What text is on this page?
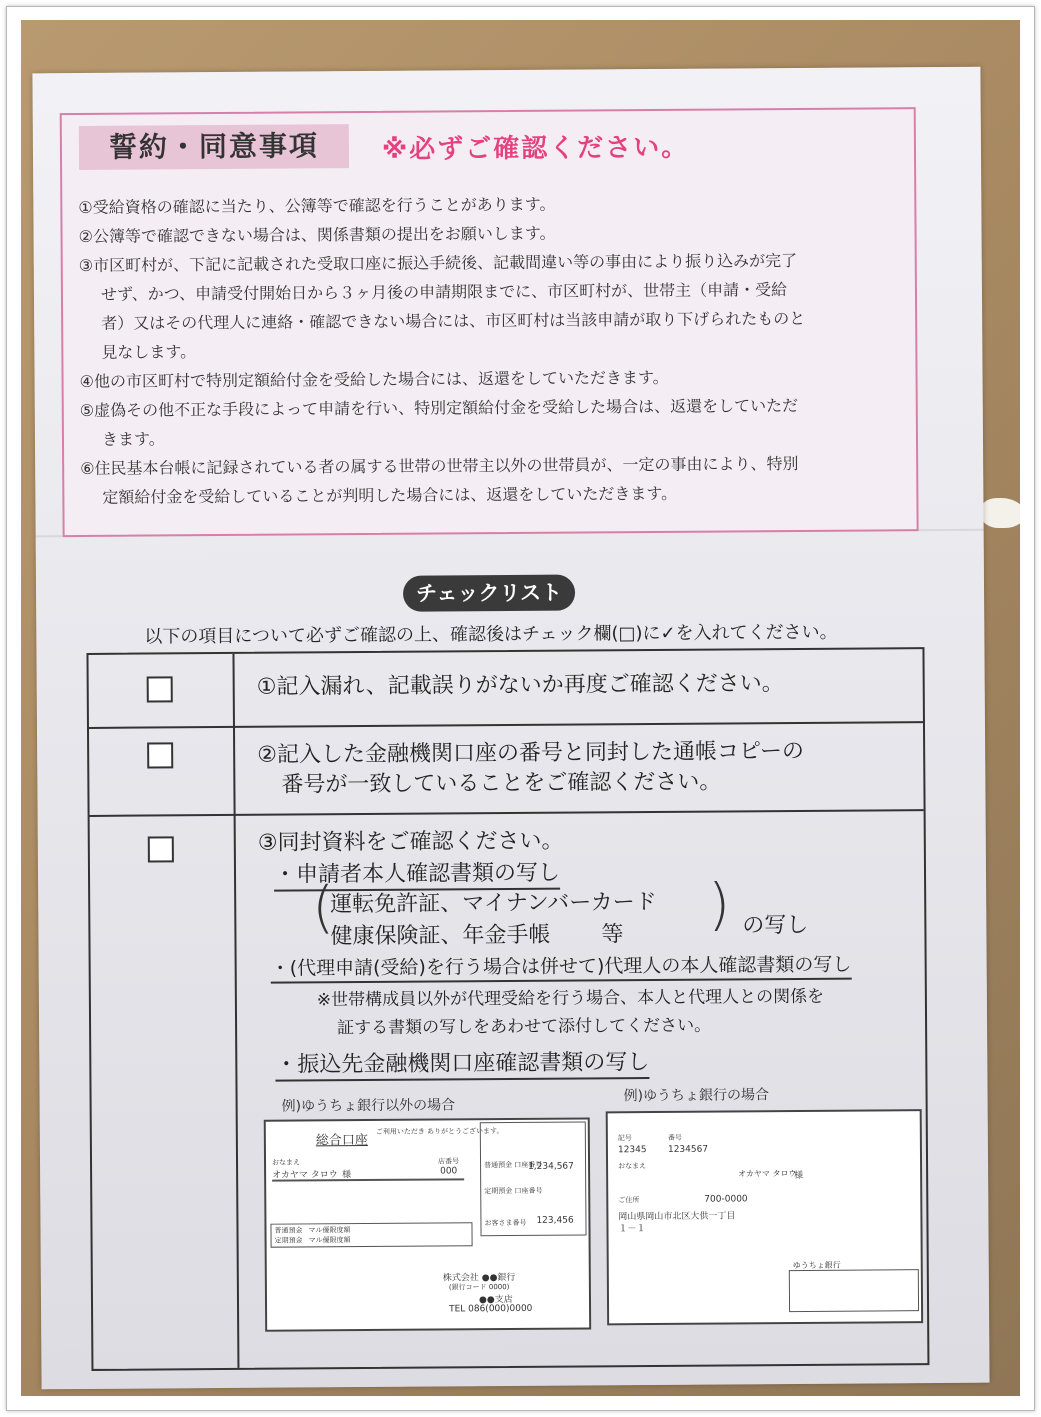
誓約・同意事項	※必ずご確認ください。
①受給資格の確認に当たり、公簿等で確認を行うことがあります。
②公簿等で確認できない場合は、関係書類の提出をお願いします。
③市区町村が、下記に記載された受取口座に振込手続後、記載間違い等の事由により振り込みが完了
せず、かつ、申請受付開始日から３ヶ月後の申請期限までに、市区町村が、世帯主（申請・受給
者）又はその代理人に連絡・確認できない場合には、市区町村は当該申請が取り下げられたものと
見なします。
④他の市区町村で特別定額給付金を受給した場合には、返還をしていただきます。
⑤虚偽その他不正な手段によって申請を行い、特別定額給付金を受給した場合は、返還をしていただ
きます。
⑥住民基本台帳に記録されている者の属する世帯の世帯主以外の世帯員が、一定の事由により、特別
定額給付金を受給していることが判明した場合には、返還をしていただきます。
チェックリスト
以下の項目について必ずご確認の上、確認後はチェック欄(□)に✓を入れてください。
①記入漏れ、記載誤りがないか再度ご確認ください。
②記入した金融機関口座の番号と同封した通帳コピーの
番号が一致していることをご確認ください。
③同封資料をご確認ください。
・申請者本人確認書類の写し
(
運転免許証、マイナンバーカード
健康保険証、年金手帳　　 等 ) の写し
・(代理申請(受給)を行う場合は併せて)代理人の本人確認書類の写し
※世帯構成員以外が代理受給を行う場合、本人と代理人との関係を
証する書類の写しをあわせて添付してください。
・振込先金融機関口座確認書類の写し
例)ゆうちょ銀行以外の場合
例)ゆうちょ銀行の場合
総合口座
ご利用いただき ありがとうございます。
おなまえ
オカヤマ タロウ 様
店番号
000
普通預金 口座番号
1,234,567
定期預金 口座番号
お客さま番号 123,456
普通預金 マル優限度額
定期預金 マル優限度額
株式会社 ●●銀行
(銀行コード 0000)
●●支店
TEL 086(000)0000
記号	番号
12345 1234567
おなまえ
オカヤマ タロウ
様
ご住所	700-0000
岡山県岡山市北区大供一丁目
１－１
ゆうちょ銀行
